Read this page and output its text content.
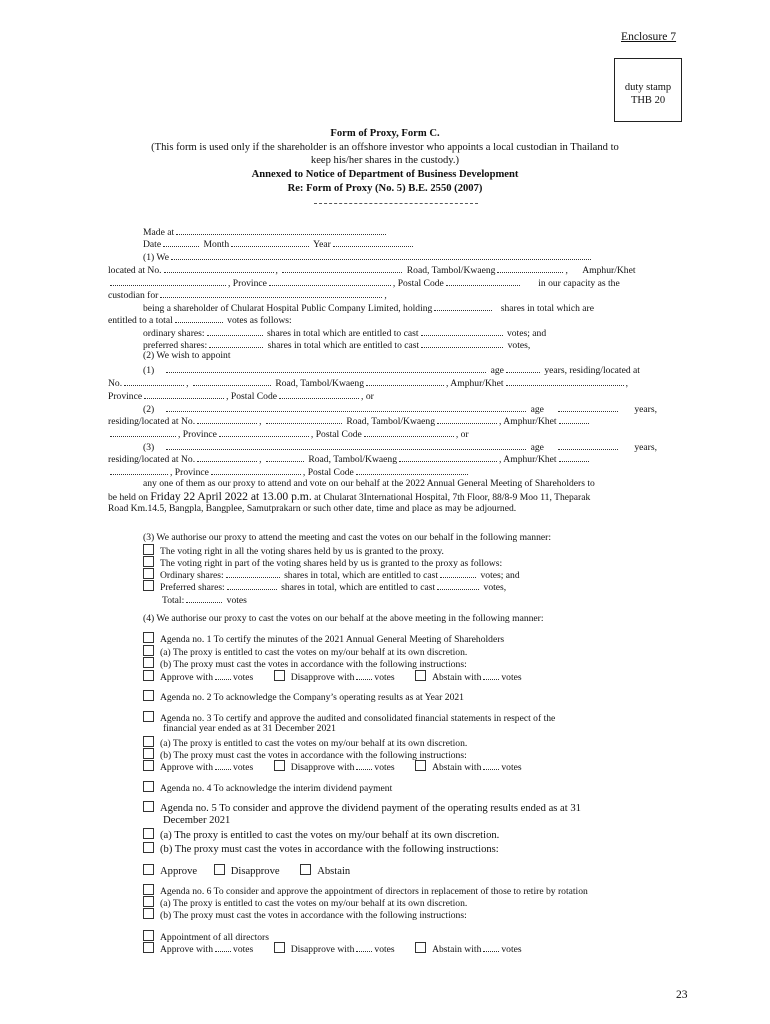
Enclosure 7
duty stamp
THB 20
Form of Proxy, Form C.
(This form is used only if the shareholder is an offshore investor who appoints a local custodian in Thailand to
keep his/her shares in the custody.)
Annexed to Notice of Department of Business Development
Re: Form of Proxy (No. 5) B.E. 2550 (2007)
Made at
Date	Month	Year
(1) We
located at No.	,	Road, Tambol/Kwaeng	, Amphur/Khet
, Province	, Postal Code	in our capacity as the
custodian for	,
being a shareholder of Chularat Hospital Public Company Limited, holding	shares in total which are
entitled to a total	votes as follows:
ordinary shares:	shares in total which are entitled to cast	votes; and
preferred shares:	shares in total which are entitled to cast	votes,
(2) We wish to appoint
(1)	age	years, residing/located at
No.	,	Road, Tambol/Kwaeng	, Amphur/Khet	,
Province	, Postal Code	, or
(2)	age	years,
residing/located at No.	,	Road, Tambol/Kwaeng	, Amphur/Khet
, Province	, Postal Code	, or
(3)	age	years,
residing/located at No.	,	Road, Tambol/Kwaeng	, Amphur/Khet
, Province	, Postal Code
any one of them as our proxy to attend and vote on our behalf at the 2022 Annual General Meeting of Shareholders to
be held on Friday 22 April 2022 at 13.00 p.m. at Chularat 3International Hospital, 7th Floor, 88/8-9 Moo 11, Theparak
Road Km.14.5, Bangpla, Bangplee, Samutprakarn or such other date, time and place as may be adjourned.
(3) We authorise our proxy to attend the meeting and cast the votes on our behalf in the following manner:
The voting right in all the voting shares held by us is granted to the proxy.
The voting right in part of the voting shares held by us is granted to the proxy as follows:
Ordinary shares:	shares in total, which are entitled to cast	votes; and
Preferred shares:	shares in total, which are entitled to cast	votes,
Total:	votes
(4) We authorise our proxy to cast the votes on our behalf at the above meeting in the following manner:
Agenda no. 1 To certify the minutes of the 2021 Annual General Meeting of Shareholders
(a) The proxy is entitled to cast the votes on my/our behalf at its own discretion.
(b) The proxy must cast the votes in accordance with the following instructions:
Approve with votes	Disapprove with votes	Abstain with votes
Agenda no. 2 To acknowledge the Company’s operating results as at Year 2021
Agenda no. 3 To certify and approve the audited and consolidated financial statements in respect of the
financial year ended as at 31 December 2021
(a) The proxy is entitled to cast the votes on my/our behalf at its own discretion.
(b) The proxy must cast the votes in accordance with the following instructions:
Approve with votes	Disapprove with votes	Abstain with votes
Agenda no. 4 To acknowledge the interim dividend payment
Agenda no. 5 To consider and approve the dividend payment of the operating results ended as at 31
December 2021
(a) The proxy is entitled to cast the votes on my/our behalf at its own discretion.
(b) The proxy must cast the votes in accordance with the following instructions:
Approve	Disapprove	Abstain
Agenda no. 6 To consider and approve the appointment of directors in replacement of those to retire by rotation
(a) The proxy is entitled to cast the votes on my/our behalf at its own discretion.
(b) The proxy must cast the votes in accordance with the following instructions:
Appointment of all directors
Approve with votes	Disapprove with votes	Abstain with votes
23
